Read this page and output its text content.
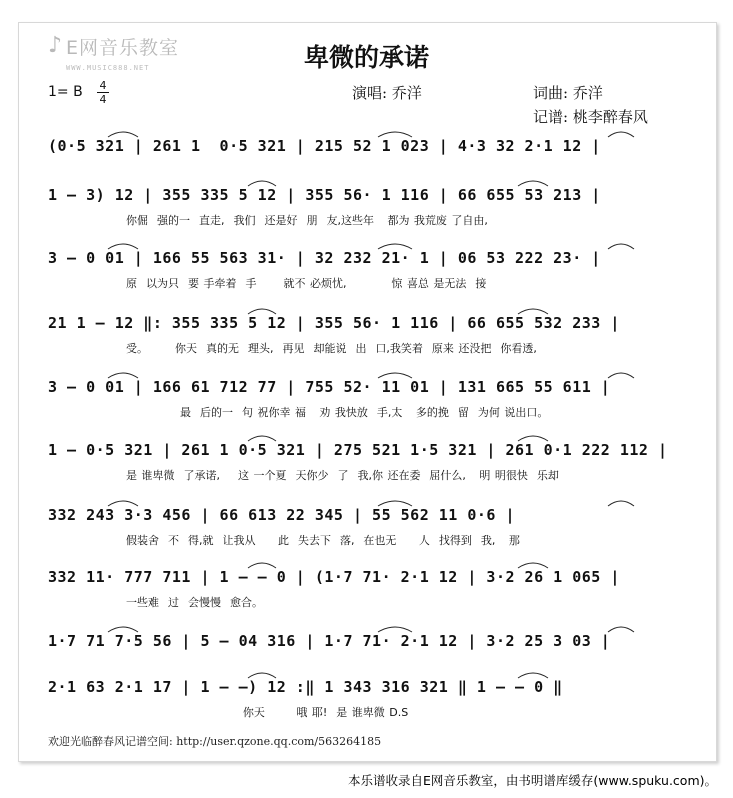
♪ E网音乐教室
WWW.MUSIC888.NET	卑微的承诺
1= B 4
4	演唱: 乔洋	词曲: 乔洋
记谱: 桃李醉春风
(0·5 321 | 261 1  0·5 321 | 215 52 1 023 | 4·3 32 2·1 12 |
1 – 3) 12 | 355 335 5 12 | 355 56· 1 116 | 66 655 53 213 |
你倔  强的一  直走,  我们  还是好  朋  友,这些年   都为 我荒废 了自由,
3 – 0 01 | 166 55 563 31· | 32 232 21· 1 | 06 53 222 23· |
原  以为只  要 手牵着  手      就不 必烦忧,          惊 喜总 是无法  接
21 1 – 12 ‖: 355 335 5 12 | 355 56· 1 116 | 66 655 532 233 |
受。      你天  真的无  理头,  再见  却能说  出  口,我笑着  原来 还没把  你看透,
3 – 0 01 | 166 61 712 77 | 755 52· 11 01 | 131 665 55 611 |
最  后的一  句 祝你幸 福   劝 我快放  手,太   多的挽  留  为何 说出口。
1 – 0·5 321 | 261 1 0·5 321 | 275 521 1·5 321 | 261 0·1 222 112 |
是 谁卑微  了承诺,    这 一个夏  天你少  了  我,你 还在委  屈什么,   明 明很快  乐却
332 243 3·3 456 | 66 613 22 345 | 55 562 11 0·6 |
假装舍  不  得,就  让我从     此  失去下  落,  在也无     人  找得到  我,   那
332 11· 777 711 | 1 – – 0 | (1·7 71· 2·1 12 | 3·2 26 1 065 |
一些难  过  会慢慢  愈合。
1·7 71 7·5 56 | 5 – 04 316 | 1·7 71· 2·1 12 | 3·2 25 3 03 |
2·1 63 2·1 17 | 1 – –) 12 :‖ 1 343 316 321 ‖ 1 – – 0 ‖
你天       哦 耶!  是 谁卑微 D.S
欢迎光临醉春风记谱空间: http://user.qzone.qq.com/563264185
本乐谱收录自E网音乐教室，由书明谱库缓存(www.spuku.com)。
